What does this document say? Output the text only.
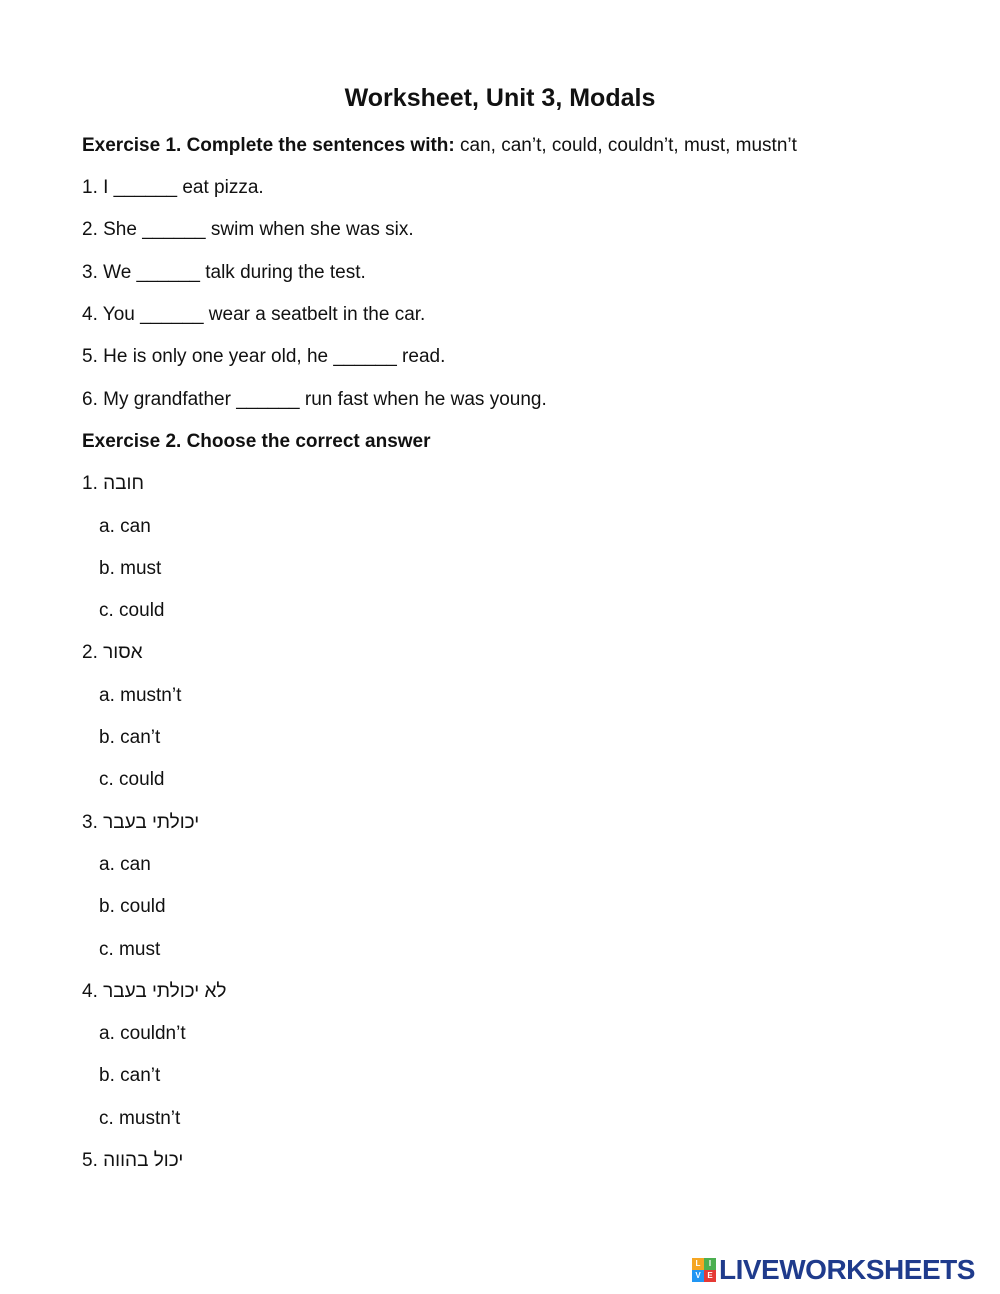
Worksheet, Unit 3, Modals
Exercise 1. Complete the sentences with: can, can’t, could, couldn’t, must, mustn’t
1. I ______ eat pizza.
2. She ______ swim when she was six.
3. We ______ talk during the test.
4. You ______ wear a seatbelt in the car.
5. He is only one year old, he ______ read.
6. My grandfather ______ run fast when he was young.
Exercise 2. Choose the correct answer
1. חובה
a. can
b. must
c. could
2. אסור
a. mustn’t
b. can’t
c. could
3. יכולתי בעבר
a. can
b. could
c. must
4. לא יכולתי בעבר
a. couldn’t
b. can’t
c. mustn’t
5. יכול בהווה
L	I
V E LIVEWORKSHEETS
